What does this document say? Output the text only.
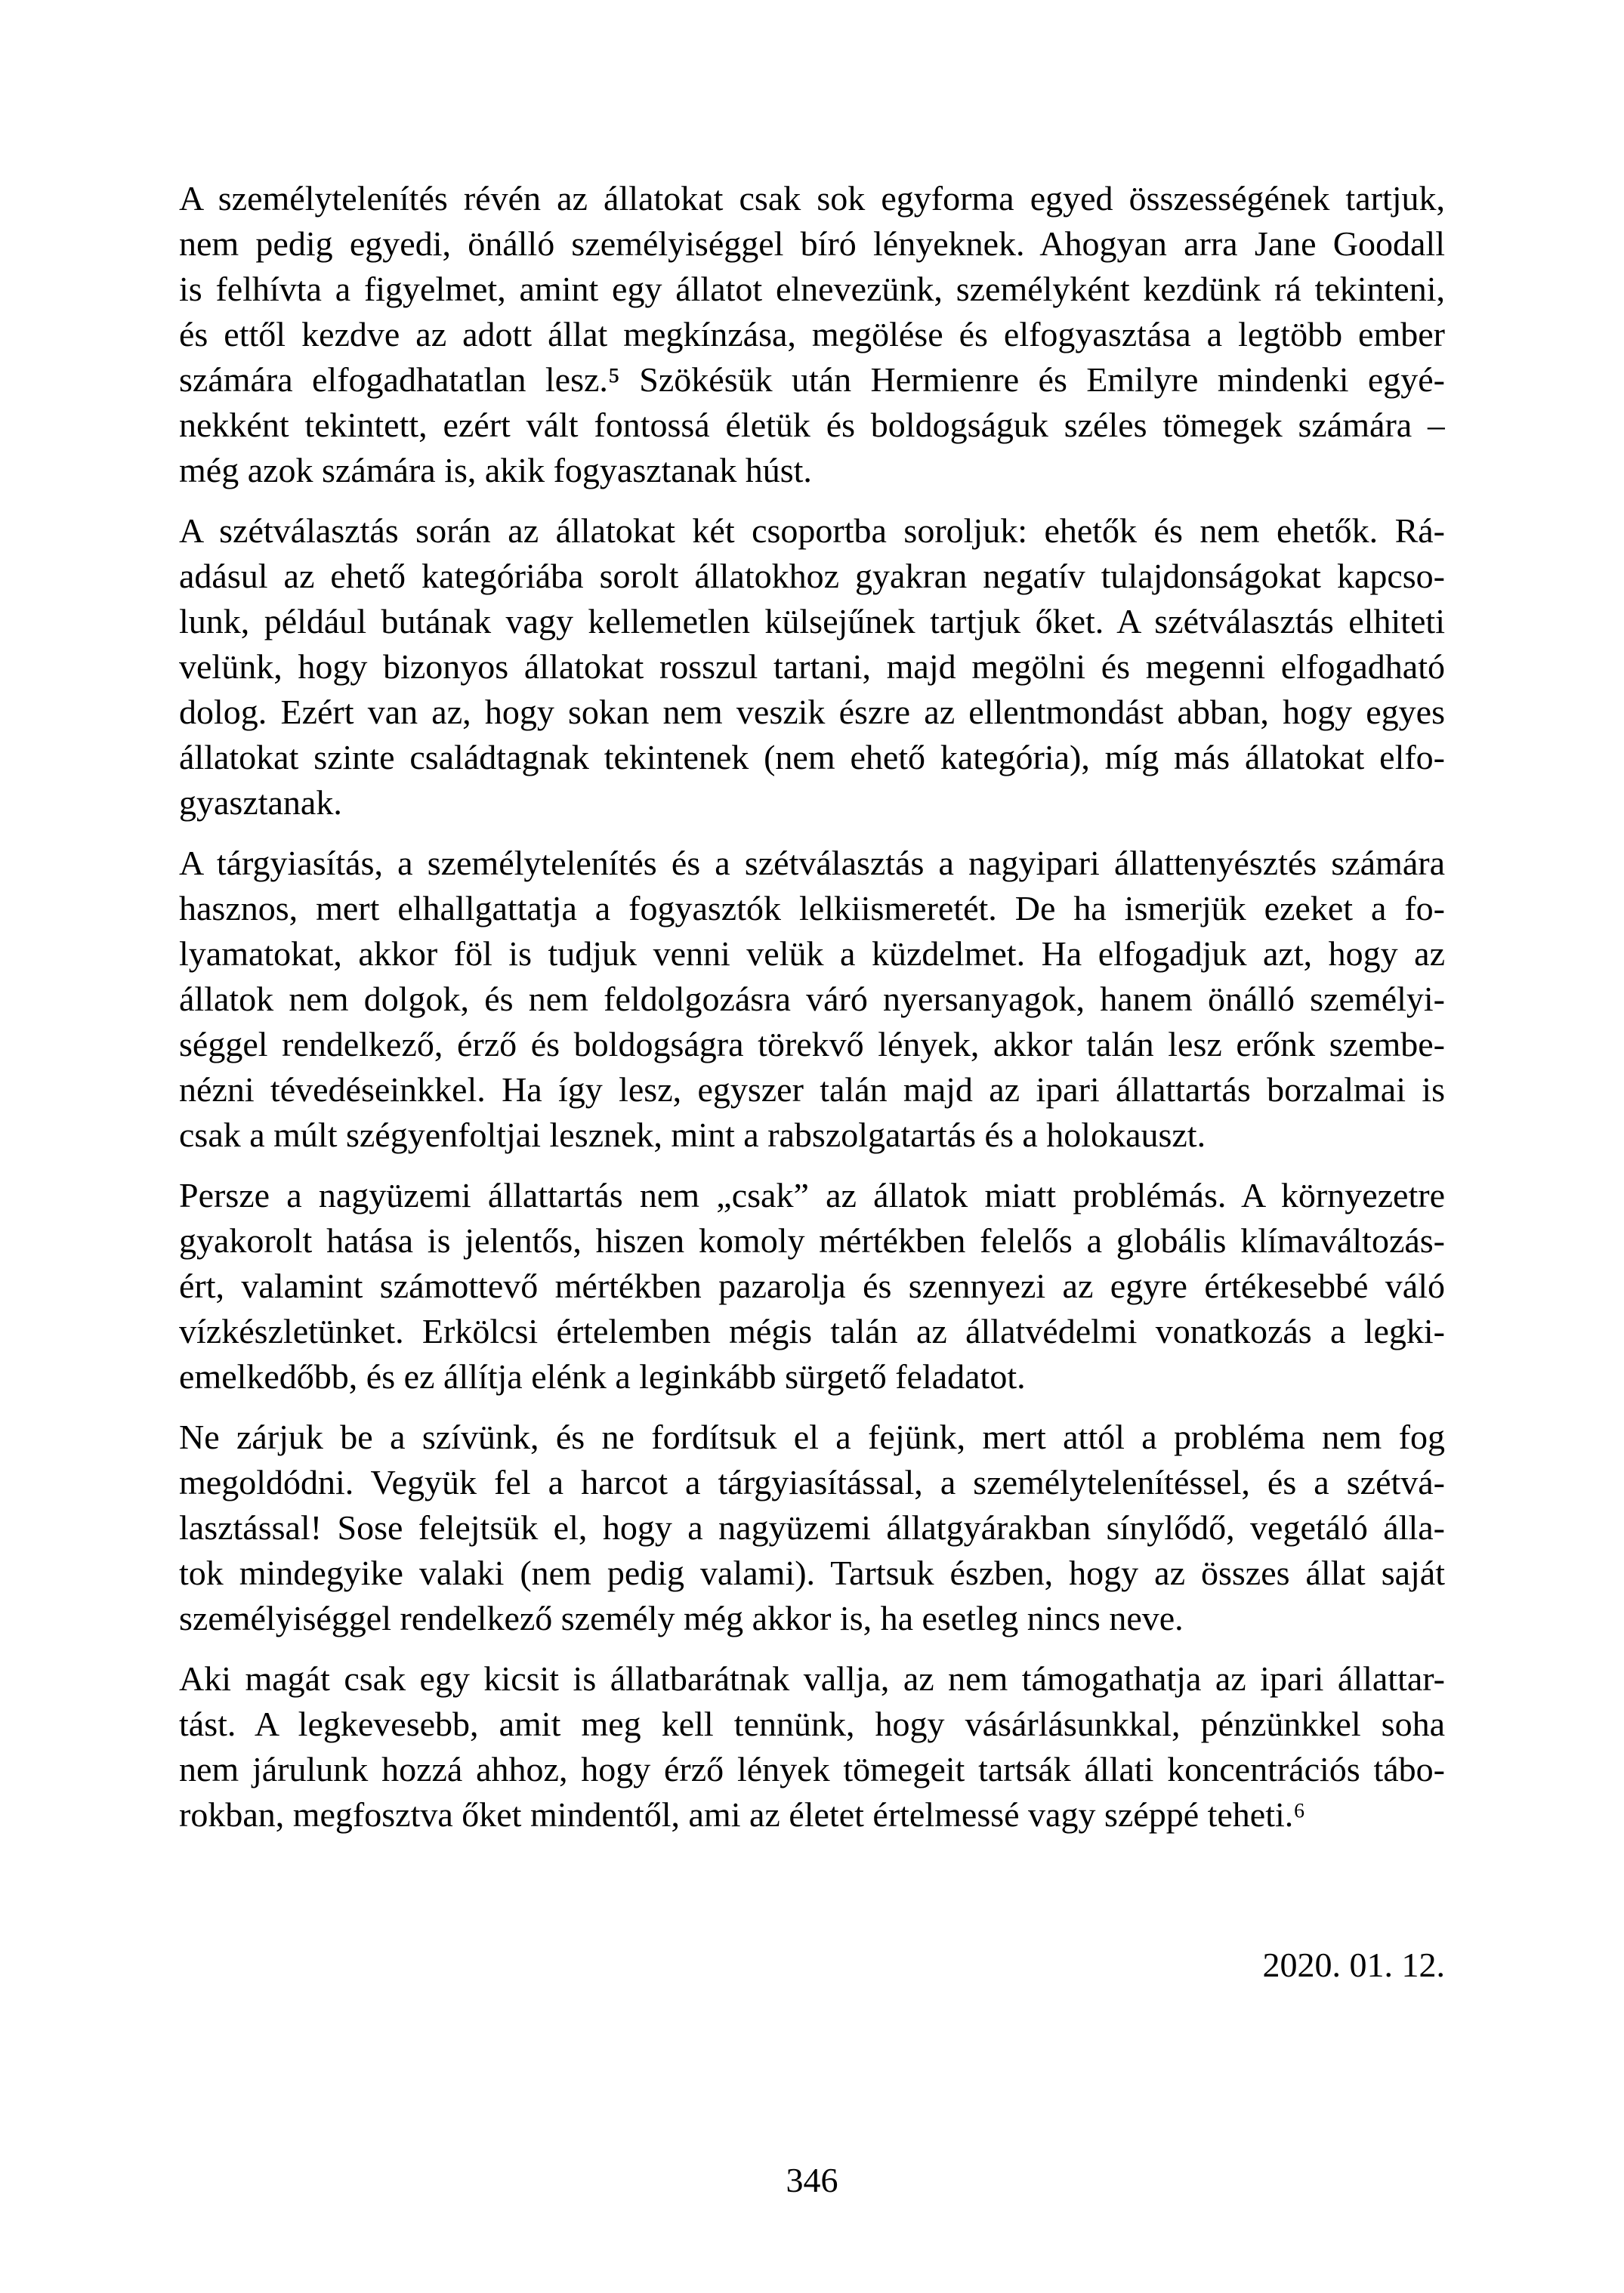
A személytelenítés révén az állatokat csak sok egyforma egyed összességének tartjuk,
nem pedig egyedi, önálló személyiséggel bíró lényeknek. Ahogyan arra Jane Goodall
is felhívta a figyelmet, amint egy állatot elnevezünk, személyként kezdünk rá tekinteni,
és ettől kezdve az adott állat megkínzása, megölése és elfogyasztása a legtöbb ember
számára elfogadhatatlan lesz.⁵ Szökésük után Hermienre és Emilyre mindenki egyé-
nekként tekintett, ezért vált fontossá életük és boldogságuk széles tömegek számára –
még azok számára is, akik fogyasztanak húst.
A szétválasztás során az állatokat két csoportba soroljuk: ehetők és nem ehetők. Rá-
adásul az ehető kategóriába sorolt állatokhoz gyakran negatív tulajdonságokat kapcso-
lunk, például butának vagy kellemetlen külsejűnek tartjuk őket. A szétválasztás elhiteti
velünk, hogy bizonyos állatokat rosszul tartani, majd megölni és megenni elfogadható
dolog. Ezért van az, hogy sokan nem veszik észre az ellentmondást abban, hogy egyes
állatokat szinte családtagnak tekintenek (nem ehető kategória), míg más állatokat elfo-
gyasztanak.
A tárgyiasítás, a személytelenítés és a szétválasztás a nagyipari állattenyésztés számára
hasznos, mert elhallgattatja a fogyasztók lelkiismeretét. De ha ismerjük ezeket a fo-
lyamatokat, akkor föl is tudjuk venni velük a küzdelmet. Ha elfogadjuk azt, hogy az
állatok nem dolgok, és nem feldolgozásra váró nyersanyagok, hanem önálló személyi-
séggel rendelkező, érző és boldogságra törekvő lények, akkor talán lesz erőnk szembe-
nézni tévedéseinkkel. Ha így lesz, egyszer talán majd az ipari állattartás borzalmai is
csak a múlt szégyenfoltjai lesznek, mint a rabszolgatartás és a holokauszt.
Persze a nagyüzemi állattartás nem „csak” az állatok miatt problémás. A környezetre
gyakorolt hatása is jelentős, hiszen komoly mértékben felelős a globális klímaváltozás-
ért, valamint számottevő mértékben pazarolja és szennyezi az egyre értékesebbé váló
vízkészletünket. Erkölcsi értelemben mégis talán az állatvédelmi vonatkozás a legki-
emelkedőbb, és ez állítja elénk a leginkább sürgető feladatot.
Ne zárjuk be a szívünk, és ne fordítsuk el a fejünk, mert attól a probléma nem fog
megoldódni. Vegyük fel a harcot a tárgyiasítással, a személytelenítéssel, és a szétvá-
lasztással! Sose felejtsük el, hogy a nagyüzemi állatgyárakban sínylődő, vegetáló álla-
tok mindegyike valaki (nem pedig valami). Tartsuk észben, hogy az összes állat saját
személyiséggel rendelkező személy még akkor is, ha esetleg nincs neve.
Aki magát csak egy kicsit is állatbarátnak vallja, az nem támogathatja az ipari állattar-
tást. A legkevesebb, amit meg kell tennünk, hogy vásárlásunkkal, pénzünkkel soha
nem járulunk hozzá ahhoz, hogy érző lények tömegeit tartsák állati koncentrációs tábo-
rokban, megfosztva őket mindentől, ami az életet értelmessé vagy széppé teheti.⁶
2020. 01. 12.
346
